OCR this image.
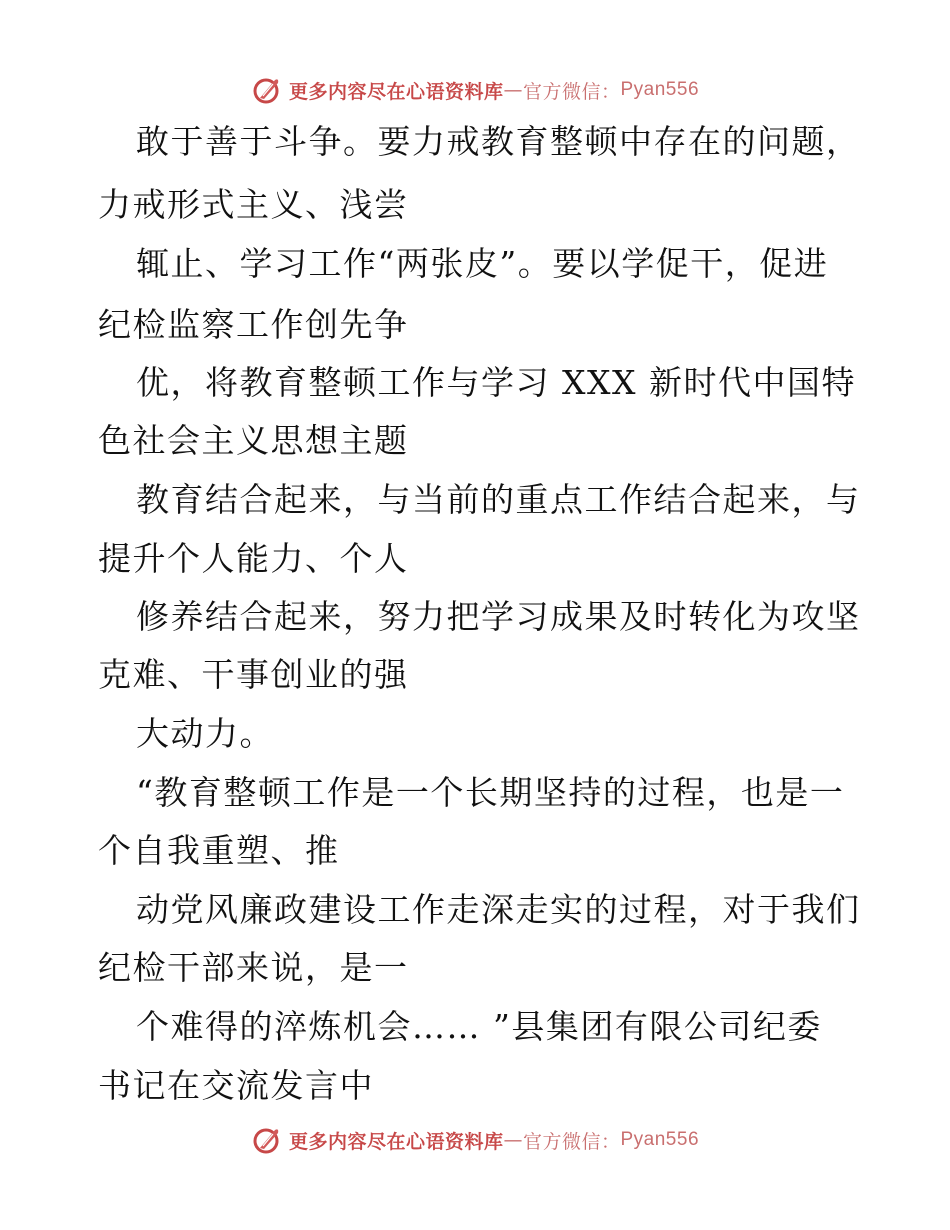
更多内容尽在心语资料库 — 官方微信： Pyan556
敢于善于斗争。要力戒教育整顿中存在的问题，
力戒形式主义、浅尝
辄止、学习工作“两张皮”。要以学促干，促进
纪检监察工作创先争
优，将教育整顿工作与学习 XXX 新时代中国特
色社会主义思想主题
教育结合起来，与当前的重点工作结合起来，与
提升个人能力、个人
修养结合起来，努力把学习成果及时转化为攻坚
克难、干事创业的强
大动力。
“教育整顿工作是一个长期坚持的过程，也是一
个自我重塑、推
动党风廉政建设工作走深走实的过程，对于我们
纪检干部来说，是一
个难得的淬炼机会…… ”县集团有限公司纪委
书记在交流发言中
更多内容尽在心语资料库 — 官方微信： Pyan556
